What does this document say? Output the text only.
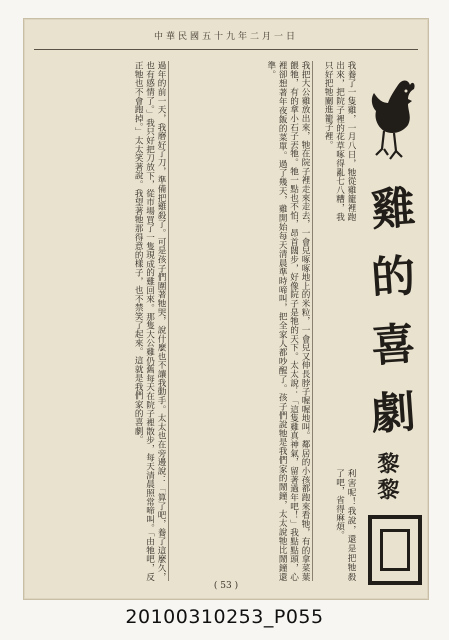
中華民國五十九年二月一日
過年的前一天，我磨好了刀，準備把雞殺了。可是孩子們圍著牠哭，說什麼也不讓我動手。太太也在旁邊說：「算了吧，養了這麼久，也有感情了。」我只好把刀放下，從市場買了一隻現成的雞回來。那隻大公雞仍舊每天在院子裡散步，每天清晨照常啼叫。「由牠吧，反正牠也不會跑掉。」太太笑著說。我望著牠那得意的樣子，也不禁笑了起來。這就是我們家的喜劇。	我把大公雞放出來，牠在院子裡走來走去，一會兒啄啄地上的米粒，一會兒又伸長脖子喔喔地叫。鄰居的小孩都跑來看牠，有的拿菜葉餵牠，有的拿小石子丟牠。牠一點也不怕，昂首闊步，好像院子是牠的天下。太太說：「這隻雞真神氣，留著過年吧！」我點點頭，心裡卻想著年夜飯的菜單。過了幾天，雞開始每天清晨準時啼叫，把全家人都吵醒了。孩子們說牠是我們家的鬧鐘，太太說牠比鬧鐘還準。	我養了一隻雞，一月八日，牠從雞籠裡跑出來，把院子裡的花草啄得亂七八糟，我只好把牠關進籠子裡。
利害呢！我說，還是把牠殺了吧，省得麻煩。
雞
的
喜
劇
黎黎
( 53 )
20100310253_P055
